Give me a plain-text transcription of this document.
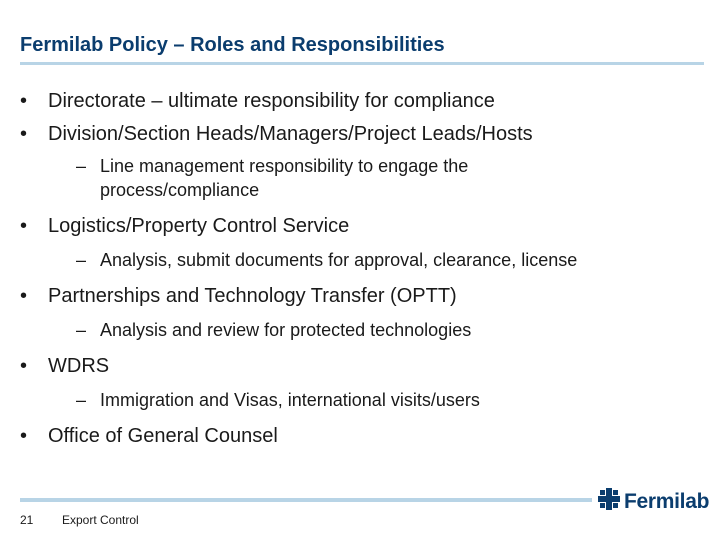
Fermilab Policy – Roles and Responsibilities
•	Directorate – ultimate responsibility for compliance
•	Division/Section Heads/Managers/Project Leads/Hosts
– Line management responsibility to engage the process/compliance
•	Logistics/Property Control Service
– Analysis, submit documents for approval, clearance, license
•	Partnerships and Technology Transfer (OPTT)
– Analysis and review for protected technologies
•	WDRS
– Immigration and Visas, international visits/users
•	Office of General Counsel
21 Export Control
Fermilab
